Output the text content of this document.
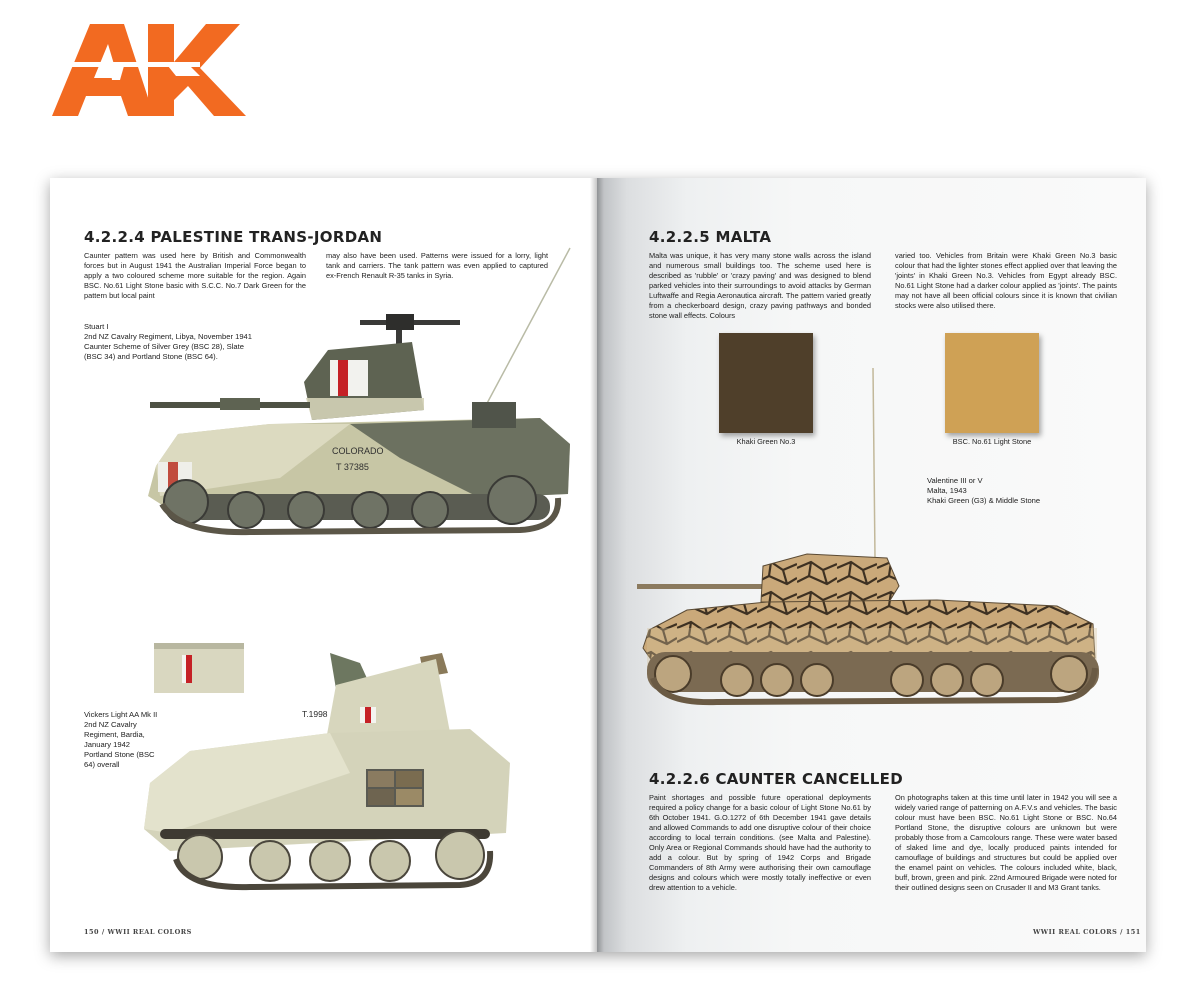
4.2.2.4 PALESTINE TRANS-JORDAN

Caunter pattern was used here by British and Commonwealth forces but in August 1941 the Australian Imperial Force began to apply a two coloured scheme more suitable for the region. Again BSC. No.61 Light Stone basic with S.C.C. No.7 Dark Green for the pattern but local paint

may also have been used. Patterns were issued for a lorry, light tank and carriers. The tank pattern was even applied to captured ex-French Renault R-35 tanks in Syria.

Stuart I
2nd NZ Cavalry Regiment, Libya, November 1941
Caunter Scheme of Silver Grey (BSC 28), Slate
(BSC 34) and Portland Stone (BSC 64).
COLORADO
T 37385
Vickers Light AA Mk II
2nd NZ Cavalry
Regiment, Bardia,
January 1942
Portland Stone (BSC
64) overall
T.1998
150 / WWII REAL COLORS
4.2.2.5 MALTA

Malta was unique, it has very many stone walls across the island and numerous small buildings too. The scheme used here is described as 'rubble' or 'crazy paving' and was designed to blend parked vehicles into their surroundings to avoid attacks by German Luftwaffe and Regia Aeronautica aircraft. The pattern varied greatly from a checkerboard design, crazy paving pathways and bonded stone wall effects. Colours

varied too. Vehicles from Britain were Khaki Green No.3 basic colour that had the lighter stones effect applied over that leaving the 'joints' in Khaki Green No.3. Vehicles from Egypt already BSC. No.61 Light Stone had a darker colour applied as 'joints'. The paints may not have all been official colours since it is known that civilian stocks were also utilised there.

Khaki Green No.3	BSC. No.61 Light Stone
Valentine III or V
Malta, 1943
Khaki Green (G3) & Middle Stone
4.2.2.6 CAUNTER CANCELLED

Paint shortages and possible future operational deployments required a policy change for a basic colour of Light Stone No.61 by 6th October 1941. G.O.1272 of 6th December 1941 gave details and allowed Commands to add one disruptive colour of their choice according to local terrain conditions. (see Malta and Palestine). Only Area or Regional Commands should have had the authority to add a colour. But by spring of 1942 Corps and Brigade Commanders of 8th Army were authorising their own camouflage designs and colours which were mostly totally ineffective or even drew attention to a vehicle.

On photographs taken at this time until later in 1942 you will see a widely varied range of patterning on A.F.V.s and vehicles. The basic colour must have been BSC. No.61 Light Stone or BSC. No.64 Portland Stone, the disruptive colours are unknown but were probably those from a Camcolours range. These were water based of slaked lime and dye, locally produced paints intended for camouflage of buildings and structures but could be applied over the enamel paint on vehicles. The colours included white, black, buff, brown, green and pink. 22nd Armoured Brigade were noted for their outlined designs seen on Crusader II and M3 Grant tanks.

WWII REAL COLORS / 151
